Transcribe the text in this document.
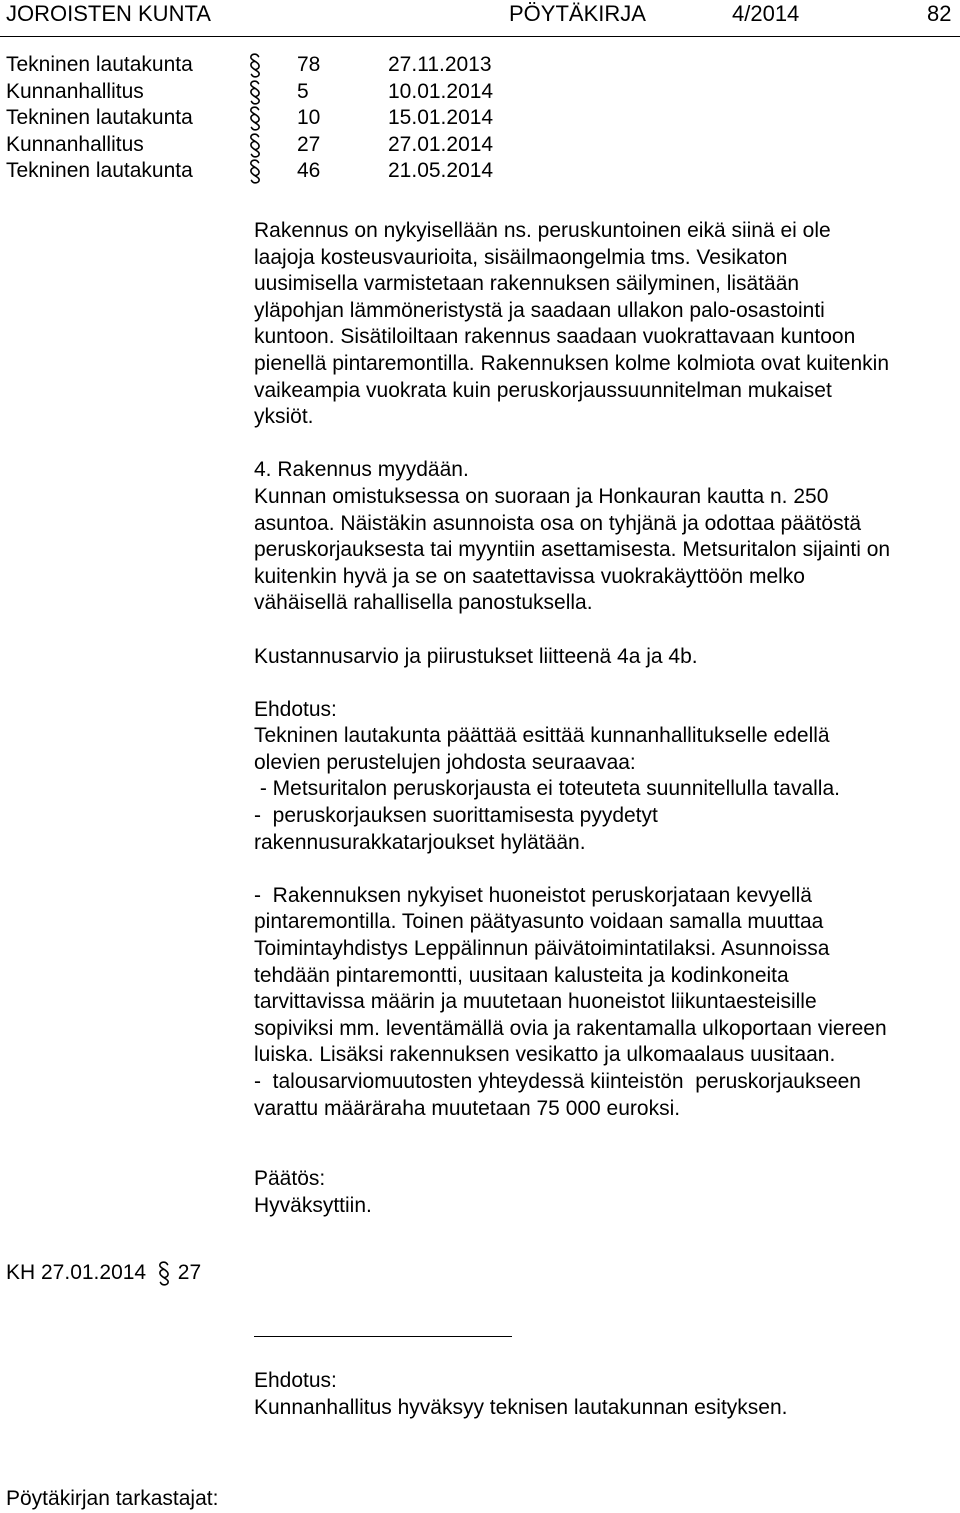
JOROISTEN KUNTA	PÖYTÄKIRJA	4/2014	82
Tekninen lautakunta	78	27.11.2013
Kunnanhallitus	5	10.01.2014
Tekninen lautakunta	10	15.01.2014
Kunnanhallitus	27	27.01.2014
Tekninen lautakunta	46	21.05.2014

Rakennus on nykyisellään ns. peruskuntoinen eikä siinä ei ole

laajoja kosteusvaurioita, sisäilmaongelmia tms. Vesikaton

uusimisella varmistetaan rakennuksen säilyminen, lisätään

yläpohjan lämmöneristystä ja saadaan ullakon palo-osastointi

kuntoon. Sisätiloiltaan rakennus saadaan vuokrattavaan kuntoon

pienellä pintaremontilla. Rakennuksen kolme kolmiota ovat kuitenkin

vaikeampia vuokrata kuin peruskorjaussuunnitelman mukaiset

yksiöt.

4. Rakennus myydään.

Kunnan omistuksessa on suoraan ja Honkauran kautta n. 250

asuntoa. Näistäkin asunnoista osa on tyhjänä ja odottaa päätöstä

peruskorjauksesta tai myyntiin asettamisesta. Metsuritalon sijainti on

kuitenkin hyvä ja se on saatettavissa vuokrakäyttöön melko

vähäisellä rahallisella panostuksella.

Kustannusarvio ja piirustukset liitteenä 4a ja 4b.

Ehdotus:

Tekninen lautakunta päättää esittää kunnanhallitukselle edellä

olevien perustelujen johdosta seuraavaa:

- Metsuritalon peruskorjausta ei toteuteta suunnitellulla tavalla.

-  peruskorjauksen suorittamisesta pyydetyt

rakennusurakkatarjoukset hylätään.

-  Rakennuksen nykyiset huoneistot peruskorjataan kevyellä

pintaremontilla. Toinen päätyasunto voidaan samalla muuttaa

Toimintayhdistys Leppälinnun päivätoimintatilaksi. Asunnoissa

tehdään pintaremontti, uusitaan kalusteita ja kodinkoneita

tarvittavissa määrin ja muutetaan huoneistot liikuntaesteisille

sopiviksi mm. leventämällä ovia ja rakentamalla ulkoportaan viereen

luiska. Lisäksi rakennuksen vesikatto ja ulkomaalaus uusitaan.

-  talousarviomuutosten yhteydessä kiinteistön  peruskorjaukseen

varattu määräraha muutetaan 75 000 euroksi.

Päätös:

Hyväksyttiin.

KH 27.01.2014 27

Ehdotus:

Kunnanhallitus hyväksyy teknisen lautakunnan esityksen.

Pöytäkirjan tarkastajat:
